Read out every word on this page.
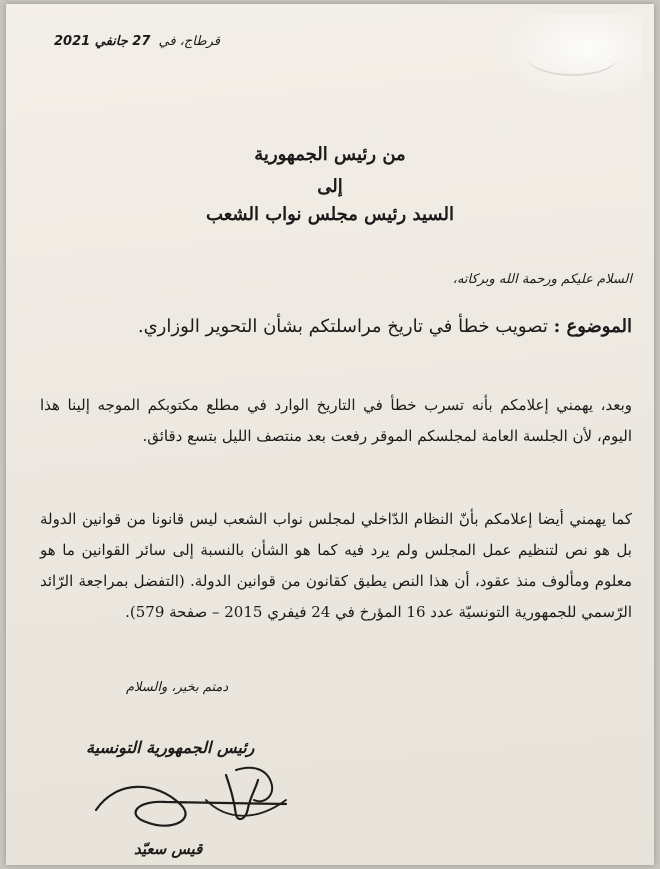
قرطاج، في 27 جانفي 2021
من رئيس الجمهورية
إلى
السيد رئيس مجلس نواب الشعب
السلام عليكم ورحمة الله وبركاته،
الموضوع : تصويب خطأ في تاريخ مراسلتكم بشأن التحوير الوزاري.
وبعد، يهمني إعلامكم بأنه تسرب خطأ في التاريخ الوارد في مطلع مكتوبكم الموجه إلينا هذا اليوم، لأن الجلسة العامة لمجلسكم الموقر رفعت بعد منتصف الليل بتسع دقائق.
كما يهمني أيضا إعلامكم بأنّ النظام الدّاخلي لمجلس نواب الشعب ليس قانونا من قوانين الدولة بل هو نص لتنظيم عمل المجلس ولم يرد فيه كما هو الشأن بالنسبة إلى سائر القوانين ما هو معلوم ومألوف منذ عقود، أن هذا النص يطبق كقانون من قوانين الدولة. (التفضل بمراجعة الرّائد الرّسمي للجمهورية التونسيّة عدد 16 المؤرخ في 24 فيفري 2015 – صفحة 579).
دمتم بخير، والسلام
رئيس الجمهورية التونسية
قيس سعيّد
